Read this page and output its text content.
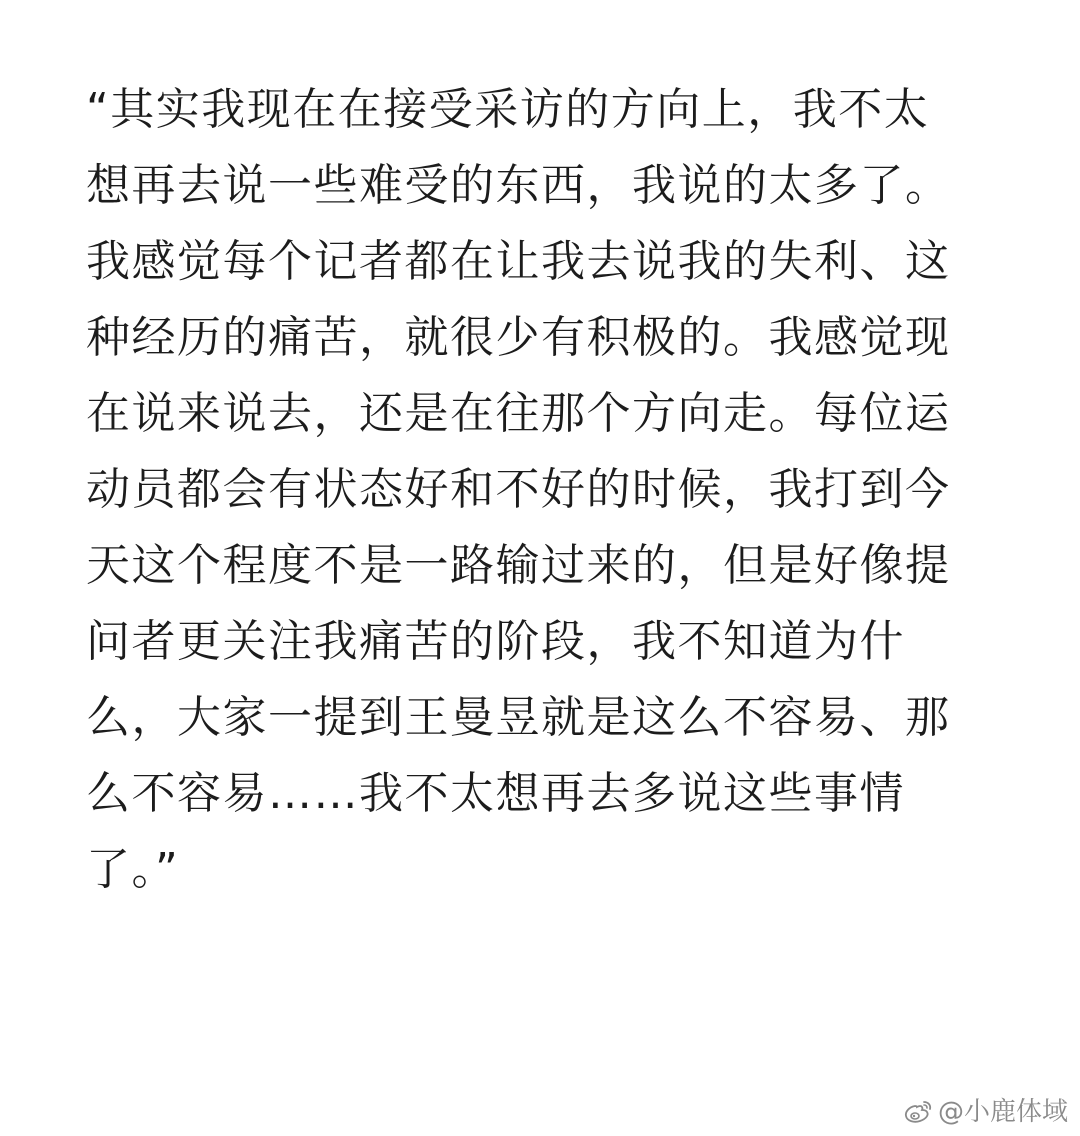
“其实我现在在接受采访的方向上，我不太
想再去说一些难受的东西，我说的太多了。
我感觉每个记者都在让我去说我的失利、这
种经历的痛苦，就很少有积极的。我感觉现
在说来说去，还是在往那个方向走。每位运
动员都会有状态好和不好的时候，我打到今
天这个程度不是一路输过来的，但是好像提
问者更关注我痛苦的阶段，我不知道为什
么，大家一提到王曼昱就是这么不容易、那
么不容易……我不太想再去多说这些事情
了。”
@小鹿体域
